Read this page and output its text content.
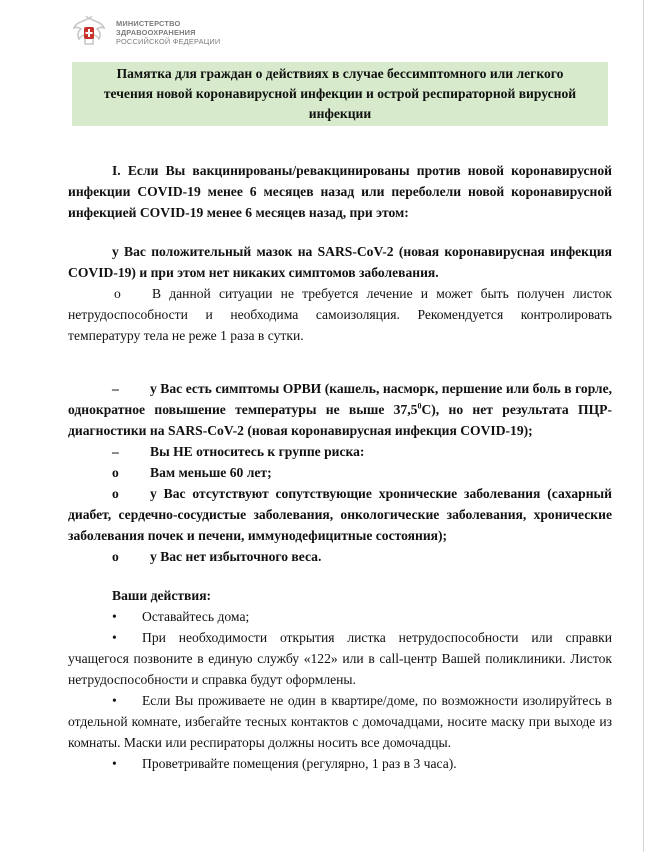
МИНИСТЕРСТВО
ЗДРАВООХРАНЕНИЯ
РОССИЙСКОЙ ФЕДЕРАЦИИ
Памятка для граждан о действиях в случае бессимптомного или легкого течения новой коронавирусной инфекции и острой респираторной вирусной инфекции

I. Если Вы вакцинированы/ревакцинированы против новой коронавирусной инфекции COVID-19 менее 6 месяцев назад или переболели новой коронавирусной инфекцией COVID-19 менее 6 месяцев назад, при этом:

у Вас положительный мазок на SARS-CoV-2 (новая коронавирусная инфекция COVID-19) и при этом нет никаких симптомов заболевания.

o В данной ситуации не требуется лечение и может быть получен листок нетрудоспособности и необходима самоизоляция. Рекомендуется контролировать температуру тела не реже 1 раза в сутки.

– у Вас есть симптомы ОРВИ (кашель, насморк, першение или боль в горле, однократное повышение температуры не выше 37,5$^0$С), но нет результата ПЦР-диагностики на SARS-CoV-2 (новая коронавирусная инфекция COVID-19);

– Вы НЕ относитесь к группе риска:

o Вам меньше 60 лет;

o у Вас отсутствуют сопутствующие хронические заболевания (сахарный диабет, сердечно-сосудистые заболевания, онкологические заболевания, хронические заболевания почек и печени, иммунодефицитные состояния);

o у Вас нет избыточного веса.

Ваши действия:

• Оставайтесь дома;

• При необходимости открытия листка нетрудоспособности или справки учащегося позвоните в единую службу «122» или в call-центр Вашей поликлиники. Листок нетрудоспособности и справка будут оформлены.

• Если Вы проживаете не один в квартире/доме, по возможности изолируйтесь в отдельной комнате, избегайте тесных контактов с домочадцами, носите маску при выходе из комнаты. Маски или респираторы должны носить все домочадцы.

• Проветривайте помещения (регулярно, 1 раз в 3 часа).
